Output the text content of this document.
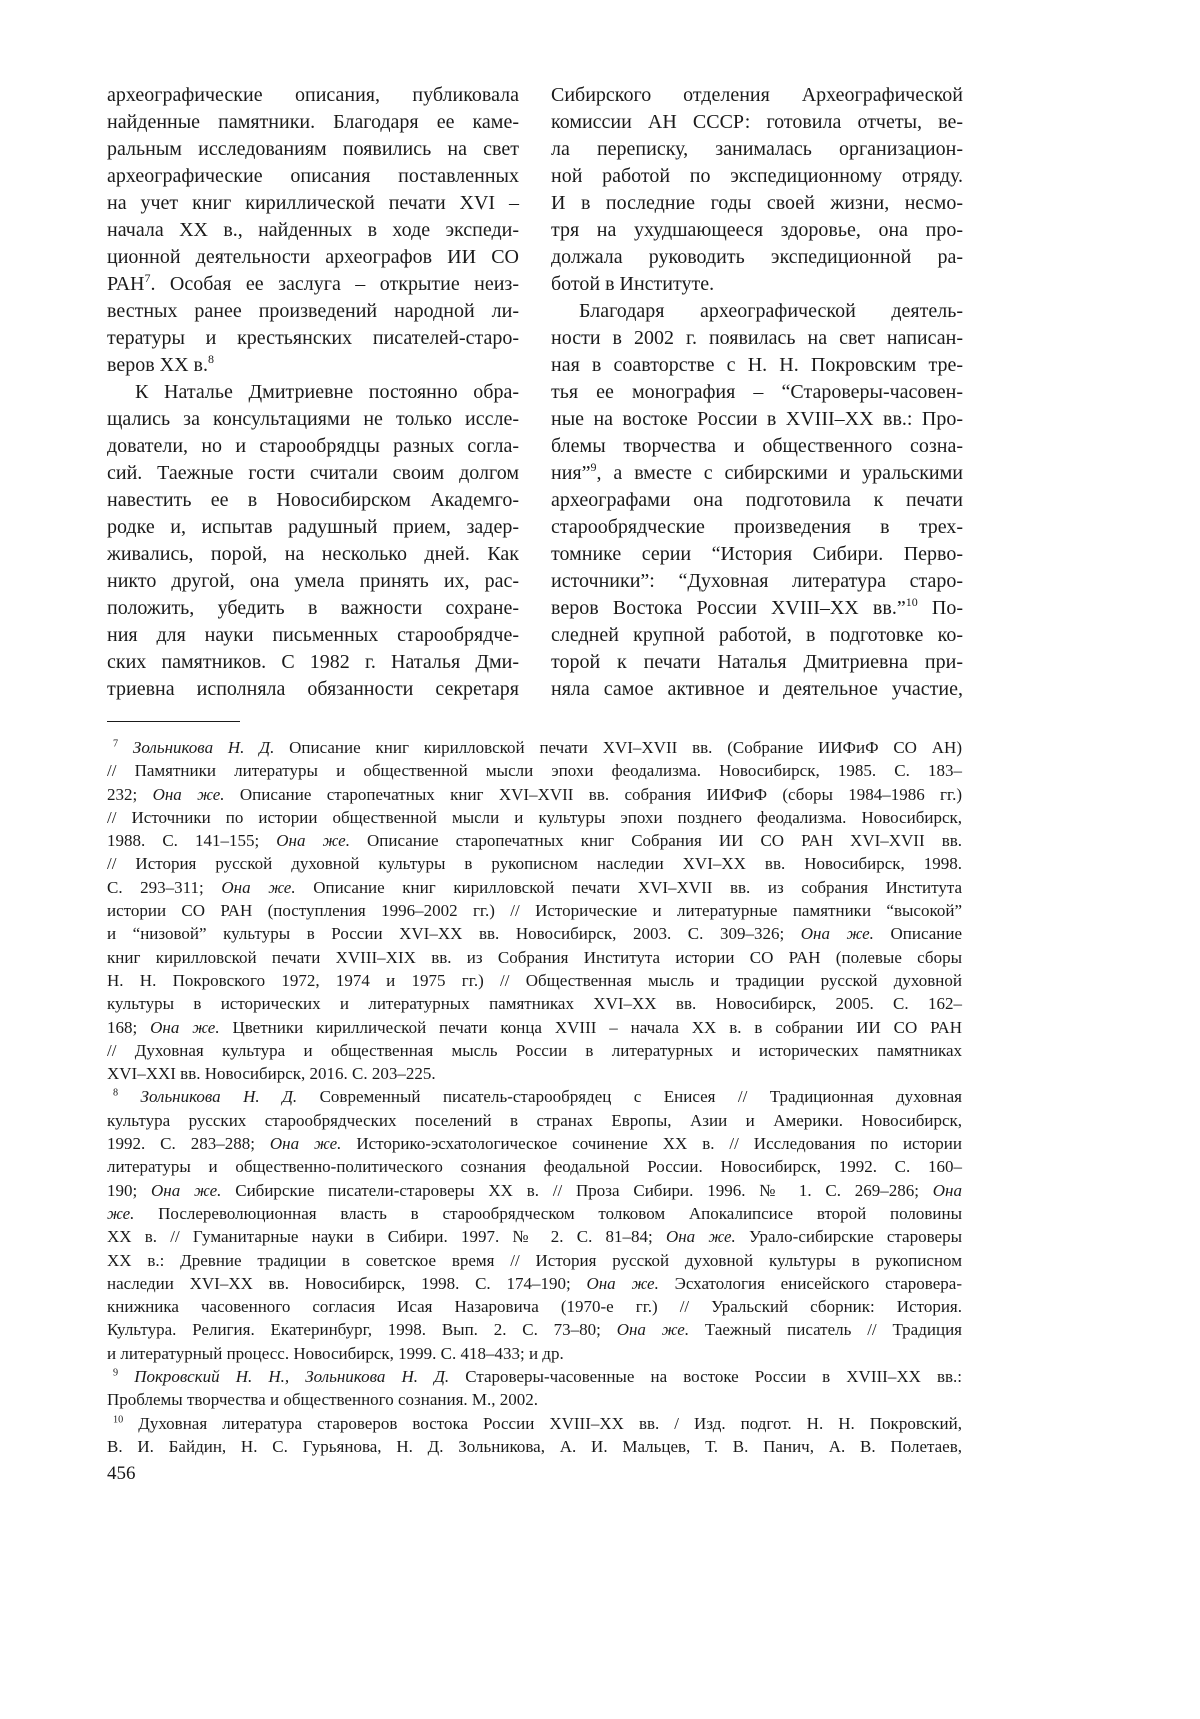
археографические описания, публиковала
найденные памятники. Благодаря ее каме-
ральным исследованиям появились на свет
археографические описания поставленных
на учет книг кириллической печати XVI –
начала XX в., найденных в ходе экспеди-
ционной деятельности археографов ИИ СО
РАН7. Особая ее заслуга – открытие неиз-
вестных ранее произведений народной ли-
тературы и крестьянских писателей-старо-
веров XX в.8
К Наталье Дмитриевне постоянно обра-
щались за консультациями не только иссле-
дователи, но и старообрядцы разных согла-
сий. Таежные гости считали своим долгом
навестить ее в Новосибирском Академго-
родке и, испытав радушный прием, задер-
живались, порой, на несколько дней. Как
никто другой, она умела принять их, рас-
положить, убедить в важности сохране-
ния для науки письменных старообрядче-
ских памятников. С 1982 г. Наталья Дми-
триевна исполняла обязанности секретаря
Сибирского отделения Археографической
комиссии АН СССР: готовила отчеты, ве-
ла переписку, занималась организацион-
ной работой по экспедиционному отряду.
И в последние годы своей жизни, несмо-
тря на ухудшающееся здоровье, она про-
должала руководить экспедиционной ра-
ботой в Институте.
Благодаря археографической деятель-
ности в 2002 г. появилась на свет написан-
ная в соавторстве с Н. Н. Покровским тре-
тья ее монография – “Староверы-часовен-
ные на востоке России в XVIII–XX вв.: Про-
блемы творчества и общественного созна-
ния”9, а вместе с сибирскими и уральскими
археографами она подготовила к печати
старообрядческие произведения в трех-
томнике серии “История Сибири. Перво-
источники”: “Духовная литература старо-
веров Востока России XVIII–XX вв.”10 По-
следней крупной работой, в подготовке ко-
торой к печати Наталья Дмитриевна при-
няла самое активное и деятельное участие,
7 Зольникова Н. Д. Описание книг кирилловской печати XVI–XVII вв. (Собрание ИИФиФ СО АН)
// Памятники литературы и общественной мысли эпохи феодализма. Новосибирск, 1985. С. 183–
232; Она же. Описание старопечатных книг XVI–XVII вв. собрания ИИФиФ (сборы 1984–1986 гг.)
// Источники по истории общественной мысли и культуры эпохи позднего феодализма. Новосибирск,
1988. С. 141–155; Она же. Описание старопечатных книг Собрания ИИ СО РАН XVI–XVII вв.
// История русской духовной культуры в рукописном наследии XVI–XX вв. Новосибирск, 1998.
С. 293–311; Она же. Описание книг кирилловской печати XVI–XVII вв. из собрания Института
истории СО РАН (поступления 1996–2002 гг.) // Исторические и литературные памятники “высокой”
и “низовой” культуры в России XVI–XX вв. Новосибирск, 2003. С. 309–326; Она же. Описание
книг кирилловской печати XVIII–XIX вв. из Собрания Института истории СО РАН (полевые сборы
Н. Н. Покровского 1972, 1974 и 1975 гг.) // Общественная мысль и традиции русской духовной
культуры в исторических и литературных памятниках XVI–XX вв. Новосибирск, 2005. С. 162–
168; Она же. Цветники кириллической печати конца XVIII – начала XX в. в собрании ИИ СО РАН
// Духовная культура и общественная мысль России в литературных и исторических памятниках
XVI–XXI вв. Новосибирск, 2016. С. 203–225.
8 Зольникова Н. Д. Современный писатель-старообрядец с Енисея // Традиционная духовная
культура русских старообрядческих поселений в странах Европы, Азии и Америки. Новосибирск,
1992. С. 283–288; Она же. Историко-эсхатологическое сочинение XX в. // Исследования по истории
литературы и общественно-политического сознания феодальной России. Новосибирск, 1992. С. 160–
190; Она же. Сибирские писатели-староверы XX в. // Проза Сибири. 1996. № 1. С. 269–286; Она
же. Послереволюционная власть в старообрядческом толковом Апокалипсисе второй половины
XX в. // Гуманитарные науки в Сибири. 1997. № 2. С. 81–84; Она же. Урало-сибирские староверы
XX в.: Древние традиции в советское время // История русской духовной культуры в рукописном
наследии XVI–XX вв. Новосибирск, 1998. С. 174–190; Она же. Эсхатология енисейского старовера-
книжника часовенного согласия Исая Назаровича (1970-е гг.) // Уральский сборник: История.
Культура. Религия. Екатеринбург, 1998. Вып. 2. С. 73–80; Она же. Таежный писатель // Традиция
и литературный процесс. Новосибирск, 1999. С. 418–433; и др.
9 Покровский Н. Н., Зольникова Н. Д. Староверы-часовенные на востоке России в XVIII–XX вв.:
Проблемы творчества и общественного сознания. М., 2002.
10 Духовная литература староверов востока России XVIII–XX вв. / Изд. подгот. Н. Н. Покровский,
В. И. Байдин, Н. С. Гурьянова, Н. Д. Зольникова, А. И. Мальцев, Т. В. Панич, А. В. Полетаев,
456
